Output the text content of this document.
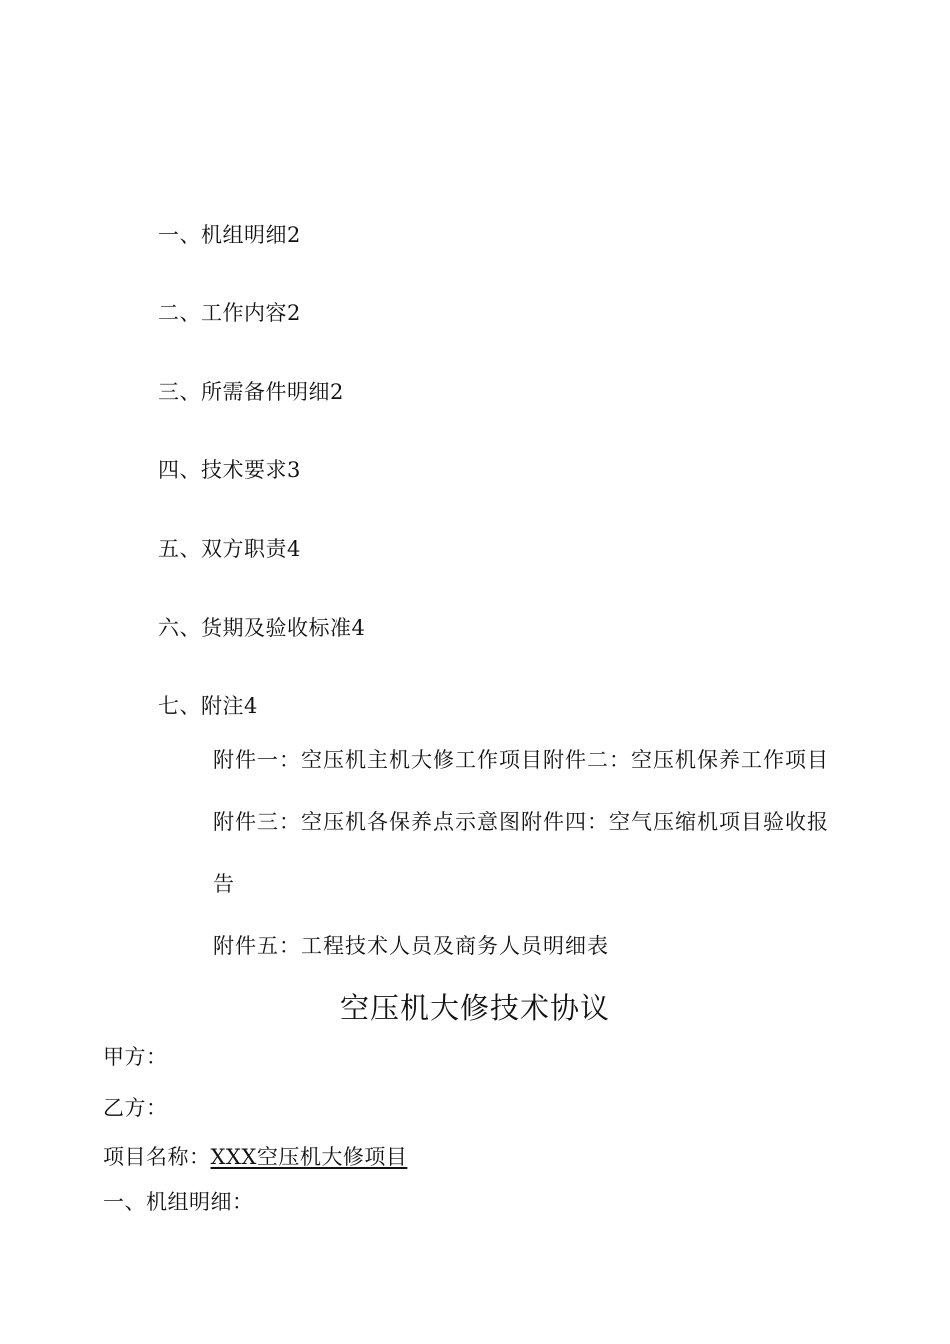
一、机组明细2
二、工作内容2
三、所需备件明细2
四、技术要求3
五、双方职责4
六、货期及验收标准4
七、附注4
附件一：空压机主机大修工作项目附件二：空压机保养工作项目
附件三：空压机各保养点示意图附件四：空气压缩机项目验收报
告
附件五：工程技术人员及商务人员明细表
空压机大修技术协议
甲方：
乙方：
项目名称：XXX空压机大修项目
一、机组明细：
